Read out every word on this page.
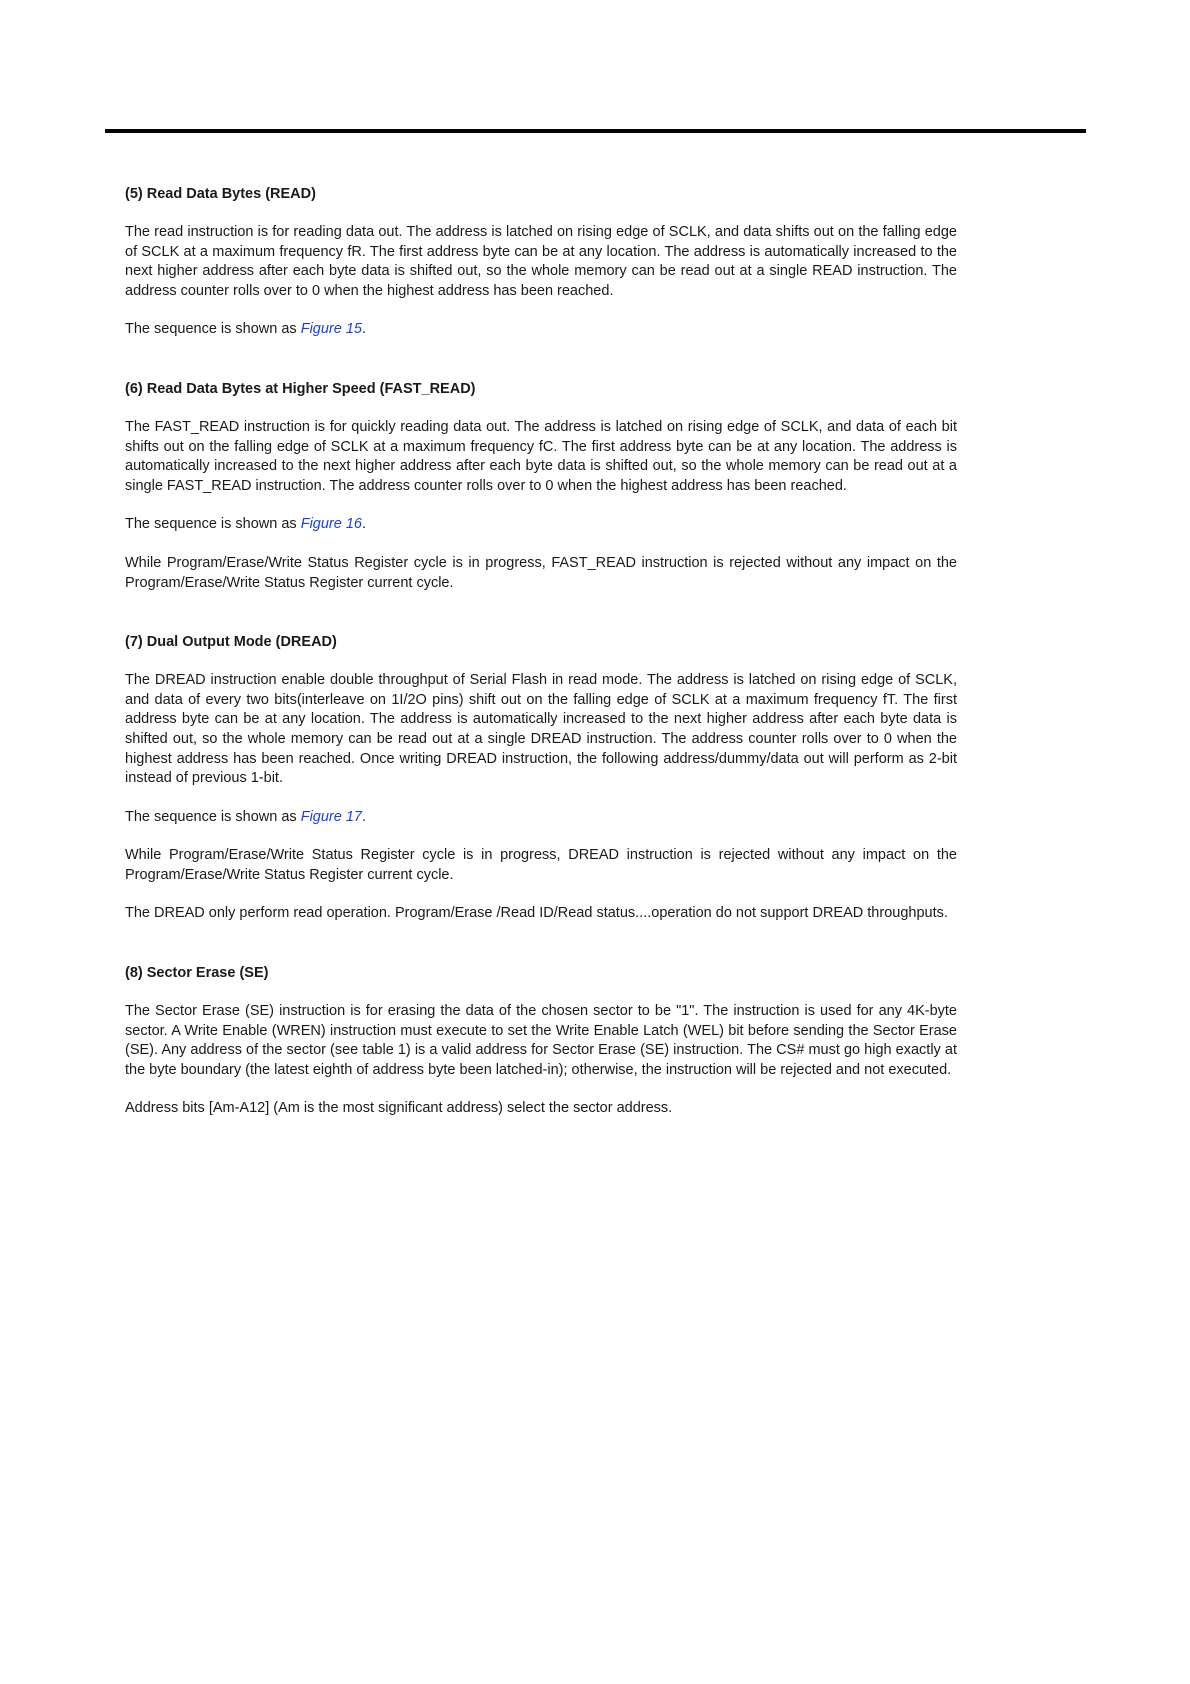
(5) Read Data Bytes (READ)

The read instruction is for reading data out. The address is latched on rising edge of SCLK, and data shifts out on the falling edge of SCLK at a maximum frequency fR. The first address byte can be at any location. The address is automatically increased to the next higher address after each byte data is shifted out, so the whole memory can be read out at a single READ instruction. The address counter rolls over to 0 when the highest address has been reached.

The sequence is shown as Figure 15.

(6) Read Data Bytes at Higher Speed (FAST_READ)

The FAST_READ instruction is for quickly reading data out. The address is latched on rising edge of SCLK, and data of each bit shifts out on the falling edge of SCLK at a maximum frequency fC. The first address byte can be at any location. The address is automatically increased to the next higher address after each byte data is shifted out, so the whole memory can be read out at a single FAST_READ instruction. The address counter rolls over to 0 when the highest address has been reached.

The sequence is shown as Figure 16.

While Program/Erase/Write Status Register cycle is in progress, FAST_READ instruction is rejected without any impact on the Program/Erase/Write Status Register current cycle.

(7) Dual Output Mode (DREAD)

The DREAD instruction enable double throughput of Serial Flash in read mode. The address is latched on rising edge of SCLK, and data of every two bits(interleave on 1I/2O pins) shift out on the falling edge of SCLK at a maximum frequency fT. The first address byte can be at any location. The address is automatically increased to the next higher address after each byte data is shifted out, so the whole memory can be read out at a single DREAD instruction. The address counter rolls over to 0 when the highest address has been reached. Once writing DREAD instruction, the following address/dummy/data out will perform as 2-bit instead of previous 1-bit.

The sequence is shown as Figure 17.

While Program/Erase/Write Status Register cycle is in progress, DREAD instruction is rejected without any impact on the Program/Erase/Write Status Register current cycle.

The DREAD only perform read operation. Program/Erase /Read ID/Read status....operation do not support DREAD throughputs.

(8) Sector Erase (SE)

The Sector Erase (SE) instruction is for erasing the data of the chosen sector to be "1". The instruction is used for any 4K-byte sector. A Write Enable (WREN) instruction must execute to set the Write Enable Latch (WEL) bit before sending the Sector Erase (SE). Any address of the sector (see table 1) is a valid address for Sector Erase (SE) instruction. The CS# must go high exactly at the byte boundary (the latest eighth of address byte been latched-in); otherwise, the instruction will be rejected and not executed.

Address bits [Am-A12] (Am is the most significant address) select the sector address.
